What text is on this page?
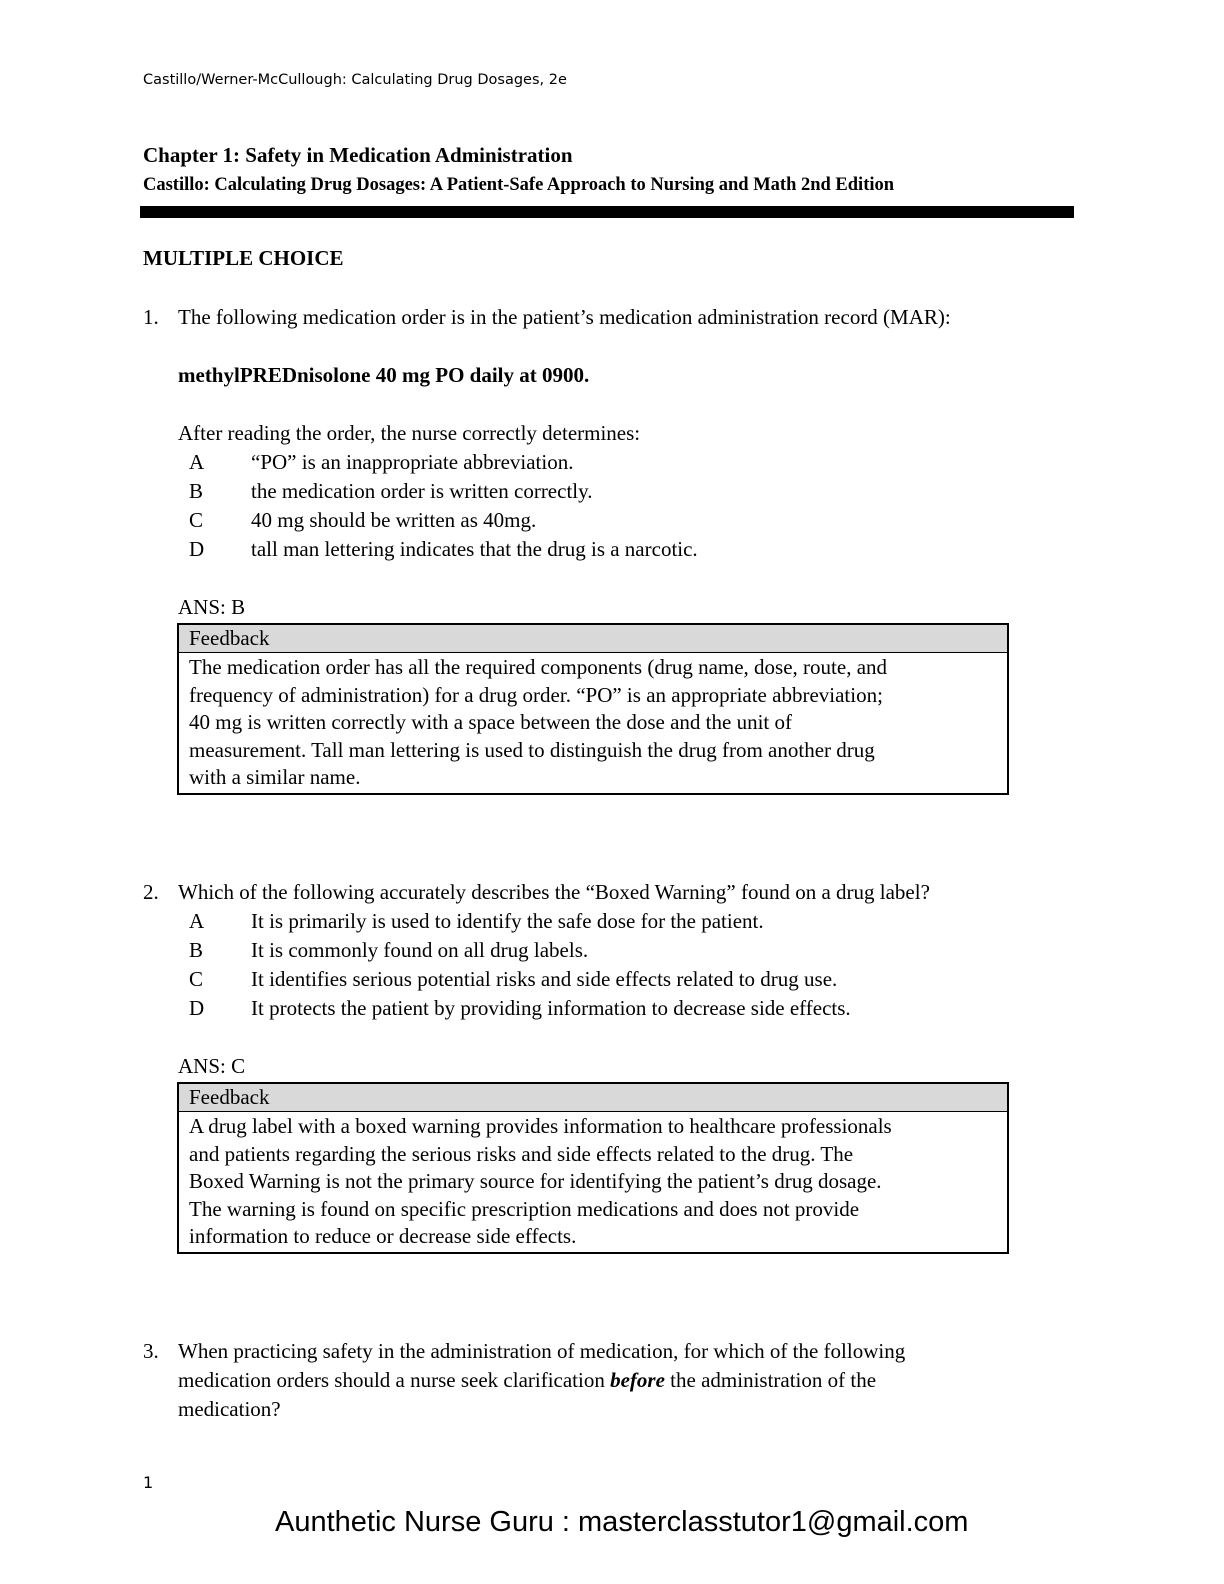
Castillo/Werner-McCullough: Calculating Drug Dosages, 2e
Chapter 1: Safety in Medication Administration
Castillo: Calculating Drug Dosages: A Patient-Safe Approach to Nursing and Math 2nd Edition
MULTIPLE CHOICE
1. The following medication order is in the patient’s medication administration record (MAR):
methylPREDnisolone 40 mg PO daily at 0900.
After reading the order, the nurse correctly determines:
A “PO” is an inappropriate abbreviation.
B the medication order is written correctly.
C 40 mg should be written as 40mg.
D tall man lettering indicates that the drug is a narcotic.
ANS: B
Feedback
The medication order has all the required components (drug name, dose, route, and
frequency of administration) for a drug order. “PO” is an appropriate abbreviation;
40 mg is written correctly with a space between the dose and the unit of
measurement. Tall man lettering is used to distinguish the drug from another drug
with a similar name.
2. Which of the following accurately describes the “Boxed Warning” found on a drug label?
A It is primarily is used to identify the safe dose for the patient.
B It is commonly found on all drug labels.
C It identifies serious potential risks and side effects related to drug use.
D It protects the patient by providing information to decrease side effects.
ANS: C
Feedback
A drug label with a boxed warning provides information to healthcare professionals
and patients regarding the serious risks and side effects related to the drug. The
Boxed Warning is not the primary source for identifying the patient’s drug dosage.
The warning is found on specific prescription medications and does not provide
information to reduce or decrease side effects.
3. When practicing safety in the administration of medication, for which of the following
medication orders should a nurse seek clarification before the administration of the
medication?
1
Aunthetic Nurse Guru : masterclasstutor1@gmail.com
